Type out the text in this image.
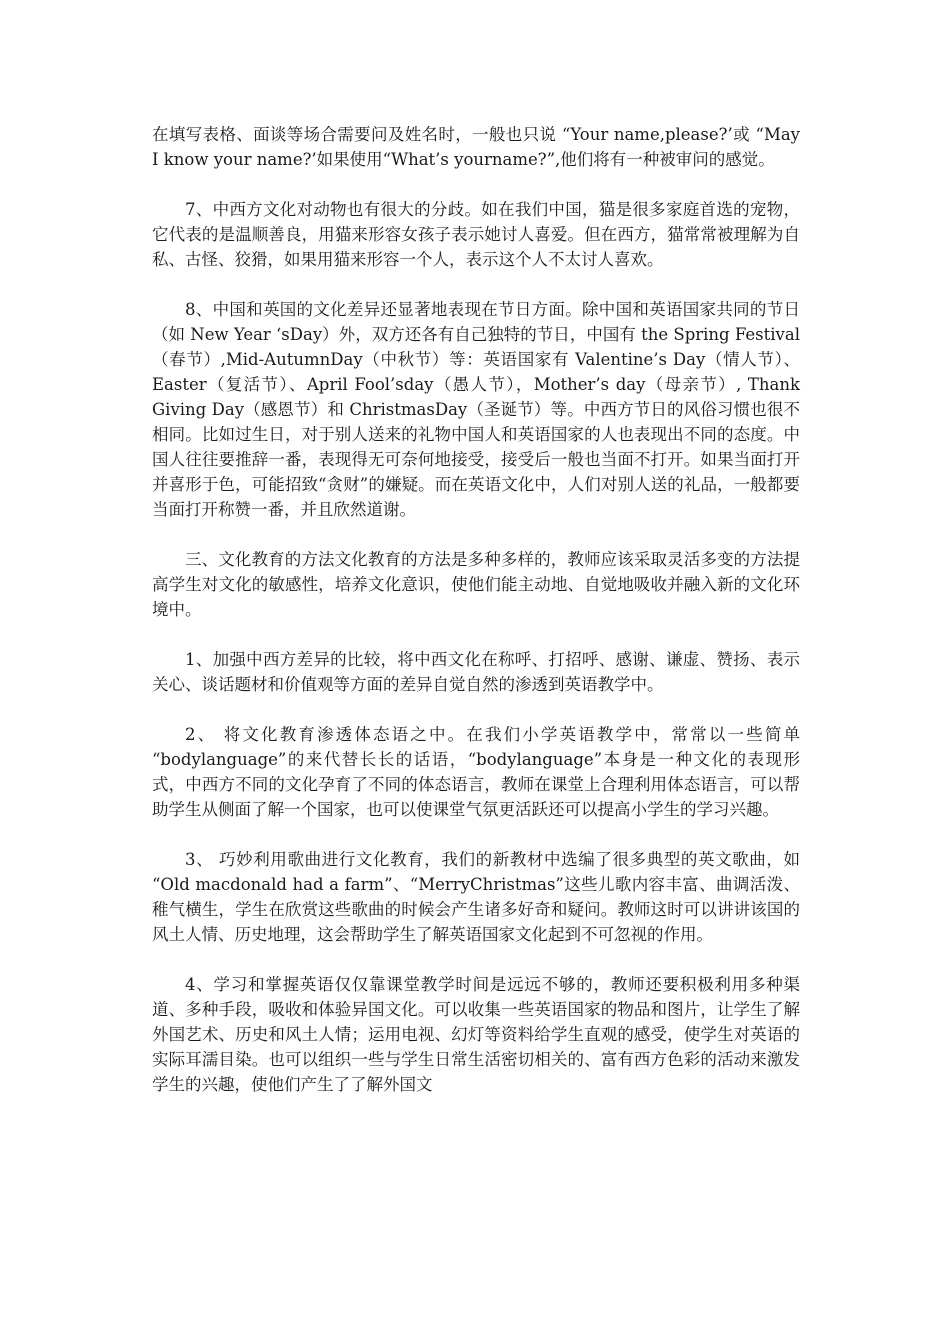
在填写表格、面谈等场合需要问及姓名时，一般也只说 “Your name,please?’或 “May I know your name?’如果使用“What’s yourname?”,他们将有一种被审问的感觉。

7、中西方文化对动物也有很大的分歧。如在我们中国，猫是很多家庭首选的宠物，它代表的是温顺善良，用猫来形容女孩子表示她讨人喜爱。但在西方，猫常常被理解为自私、古怪、狡猾，如果用猫来形容一个人，表示这个人不太讨人喜欢。

8、中国和英国的文化差异还显著地表现在节日方面。除中国和英语国家共同的节日（如 New Year ‘sDay）外，双方还各有自己独特的节日，中国有 the Spring Festival（春节）,Mid-AutumnDay（中秋节）等：英语国家有 Valentine’s Day（情人节）、Easter（复活节）、April Fool’sday（愚人节），Mother’s day（母亲节）, Thank Giving Day（感恩节）和 ChristmasDay（圣诞节）等。中西方节日的风俗习惯也很不相同。比如过生日，对于别人送来的礼物中国人和英语国家的人也表现出不同的态度。中国人往往要推辞一番，表现得无可奈何地接受，接受后一般也当面不打开。如果当面打开并喜形于色，可能招致“贪财”的嫌疑。而在英语文化中，人们对别人送的礼品，一般都要当面打开称赞一番，并且欣然道谢。

三、文化教育的方法文化教育的方法是多种多样的，教师应该采取灵活多变的方法提高学生对文化的敏感性，培养文化意识，使他们能主动地、自觉地吸收并融入新的文化环境中。

1、加强中西方差异的比较，将中西文化在称呼、打招呼、感谢、谦虚、赞扬、表示关心、谈话题材和价值观等方面的差异自觉自然的渗透到英语教学中。

2、 将文化教育渗透体态语之中。在我们小学英语教学中，常常以一些简单 “bodylanguage”的来代替长长的话语，“bodylanguage”本身是一种文化的表现形式，中西方不同的文化孕育了不同的体态语言，教师在课堂上合理利用体态语言，可以帮助学生从侧面了解一个国家，也可以使课堂气氛更活跃还可以提高小学生的学习兴趣。

3、 巧妙利用歌曲进行文化教育，我们的新教材中选编了很多典型的英文歌曲，如 “Old macdonald had a farm”、“MerryChristmas”这些儿歌内容丰富、曲调活泼、稚气横生，学生在欣赏这些歌曲的时候会产生诸多好奇和疑问。教师这时可以讲讲该国的风土人情、历史地理，这会帮助学生了解英语国家文化起到不可忽视的作用。

4、学习和掌握英语仅仅靠课堂教学时间是远远不够的，教师还要积极利用多种渠道、多种手段，吸收和体验异国文化。可以收集一些英语国家的物品和图片，让学生了解外国艺术、历史和风土人情；运用电视、幻灯等资料给学生直观的感受，使学生对英语的实际耳濡目染。也可以组织一些与学生日常生活密切相关的、富有西方色彩的活动来激发学生的兴趣，使他们产生了了解外国文
